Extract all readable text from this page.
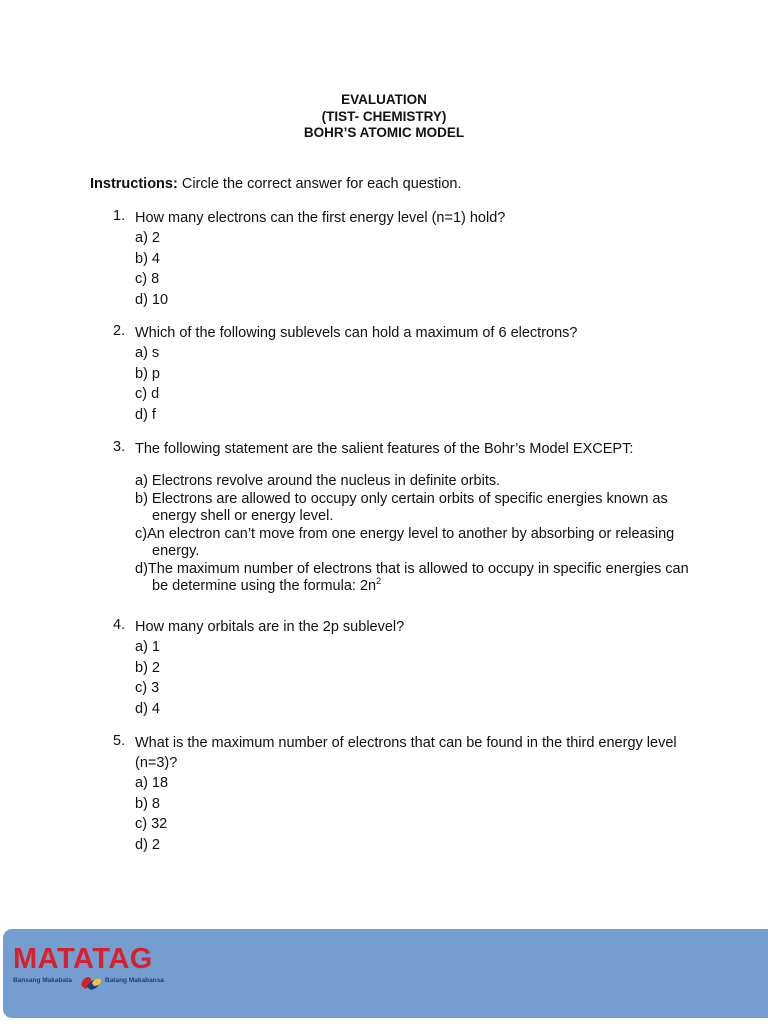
EVALUATION
(TIST- CHEMISTRY)
BOHR’S ATOMIC MODEL
Instructions: Circle the correct answer for each question.
1. How many electrons can the first energy level (n=1) hold?
a) 2
b) 4
c) 8
d) 10
2. Which of the following sublevels can hold a maximum of 6 electrons?
a) s
b) p
c) d
d) f
3. The following statement are the salient features of the Bohr’s Model EXCEPT:
a) Electrons revolve around the nucleus in definite orbits.
b) Electrons are allowed to occupy only certain orbits of specific energies known as energy shell or energy level.
c)An electron can’t move from one energy level to another by absorbing or releasing energy.
d)The maximum number of electrons that is allowed to occupy in specific energies can be determine using the formula: $2n^2$
4. How many orbitals are in the 2p sublevel?
a) 1
b) 2
c) 3
d) 4
5. What is the maximum number of electrons that can be found in the third energy level (n=3)?
a) 18
b) 8
c) 32
d) 2
MATATAG
Bansang Makabata	Batang Makabansa
